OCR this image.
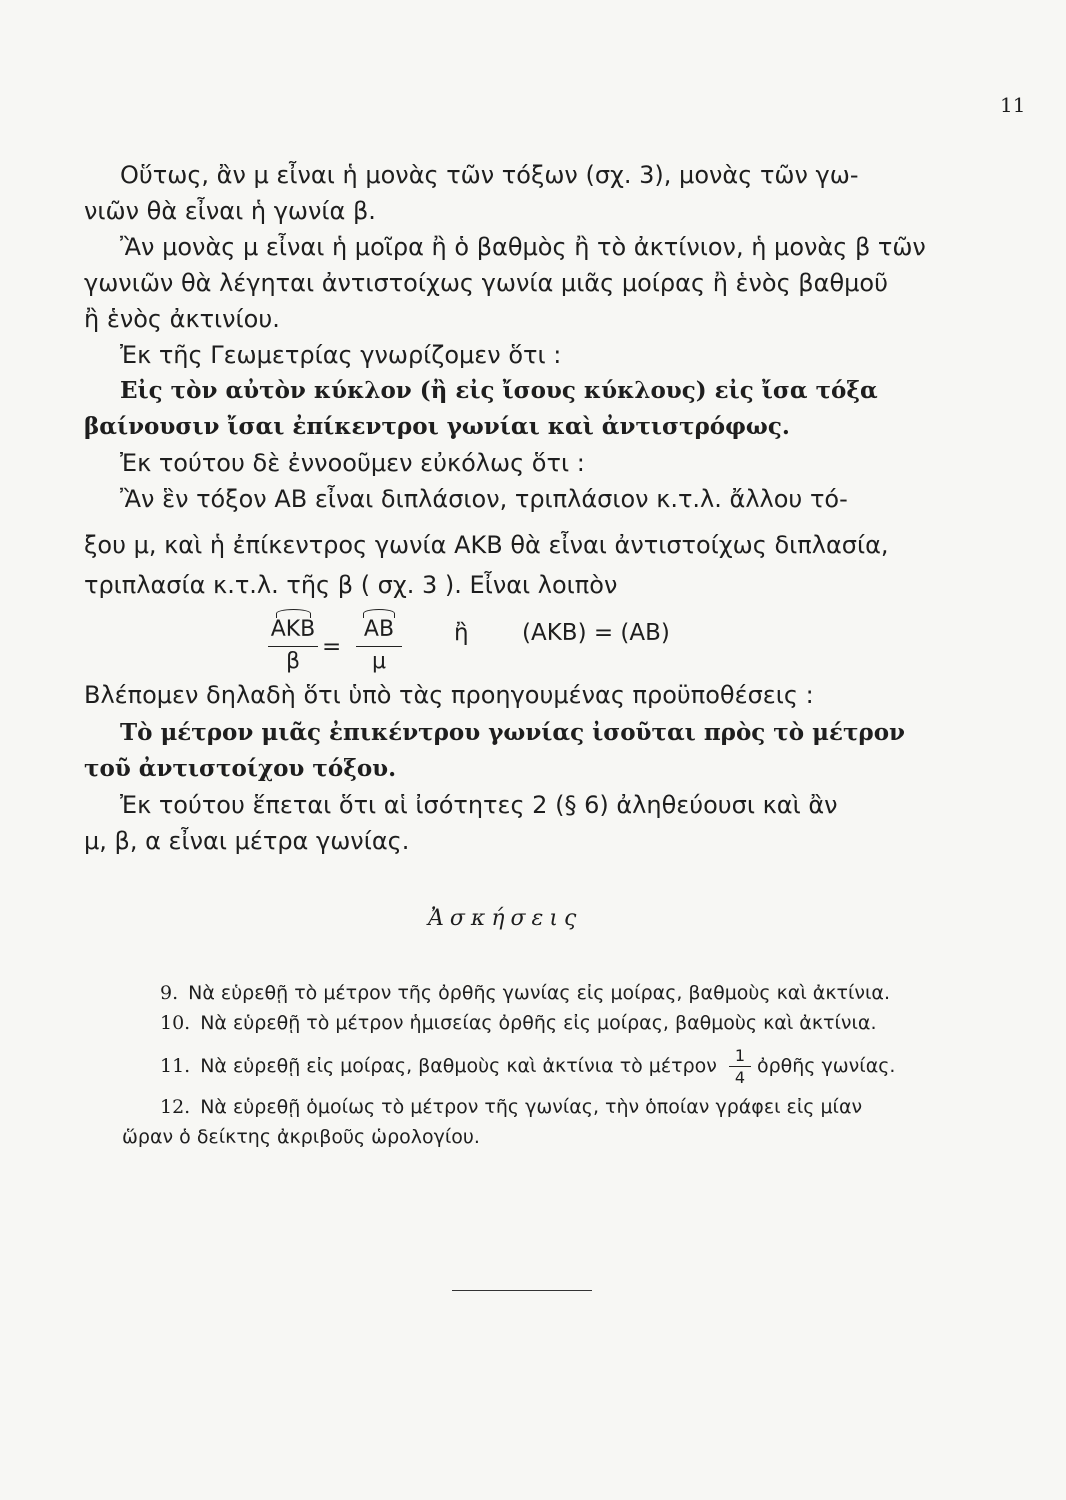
11
Οὕτως, ἂν μ εἶναι ἡ μονὰς τῶν τόξων (σχ. 3), μονὰς τῶν γω-
νιῶν θὰ εἶναι ἡ γωνία β.
Ἂν μονὰς μ εἶναι ἡ μοῖρα ἢ ὁ βαθμὸς ἢ τὸ ἀκτίνιον, ἡ μονὰς β τῶν
γωνιῶν θὰ λέγηται ἀντιστοίχως γωνία μιᾶς μοίρας ἢ ἑνὸς βαθμοῦ
ἢ ἑνὸς ἀκτινίου.
Ἐκ τῆς Γεωμετρίας γνωρίζομεν ὅτι :
Εἰς τὸν αὐτὸν κύκλον (ἢ εἰς ἴσους κύκλους) εἰς ἴσα τόξα
βαίνουσιν ἴσαι ἐπίκεντροι γωνίαι καὶ ἀντιστρόφως.
Ἐκ τούτου δὲ ἐννοοῦμεν εὐκόλως ὅτι :
Ἂν ἓν τόξον ΑΒ εἶναι διπλάσιον, τριπλάσιον κ.τ.λ. ἄλλου τό-
ξου μ, καὶ ἡ ἐπίκεντρος γωνία ΑΚΒ θὰ εἶναι ἀντιστοίχως διπλασία,
τριπλασία κ.τ.λ. τῆς β ( σχ. 3 ). Εἶναι λοιπὸν
ΑΚΒ
β
=
ΑΒ
μ
ἢ (ΑΚΒ) = (ΑΒ)
Βλέπομεν δηλαδὴ ὅτι ὑπὸ τὰς προηγουμένας προϋποθέσεις :
Τὸ μέτρον μιᾶς ἐπικέντρου γωνίας ἰσοῦται πρὸς τὸ μέτρον
τοῦ ἀντιστοίχου τόξου.
Ἐκ τούτου ἕπεται ὅτι αἱ ἰσότητες 2 (§ 6) ἀληθεύουσι καὶ ἂν
μ, β, α εἶναι μέτρα γωνίας.
Ἀσκήσεις
9. Νὰ εὑρεθῇ τὸ μέτρον τῆς ὀρθῆς γωνίας εἰς μοίρας, βαθμοὺς καὶ ἀκτίνια.
10. Νὰ εὑρεθῇ τὸ μέτρον ἡμισείας ὀρθῆς εἰς μοίρας, βαθμοὺς καὶ ἀκτίνια.
11. Νὰ εὑρεθῇ εἰς μοίρας, βαθμοὺς καὶ ἀκτίνια τὸ μέτρον $\frac{1}{4}$ ὀρθῆς γωνίας.
12. Νὰ εὑρεθῇ ὁμοίως τὸ μέτρον τῆς γωνίας, τὴν ὁποίαν γράφει εἰς μίαν
ὥραν ὁ δείκτης ἀκριβοῦς ὡρολογίου.
